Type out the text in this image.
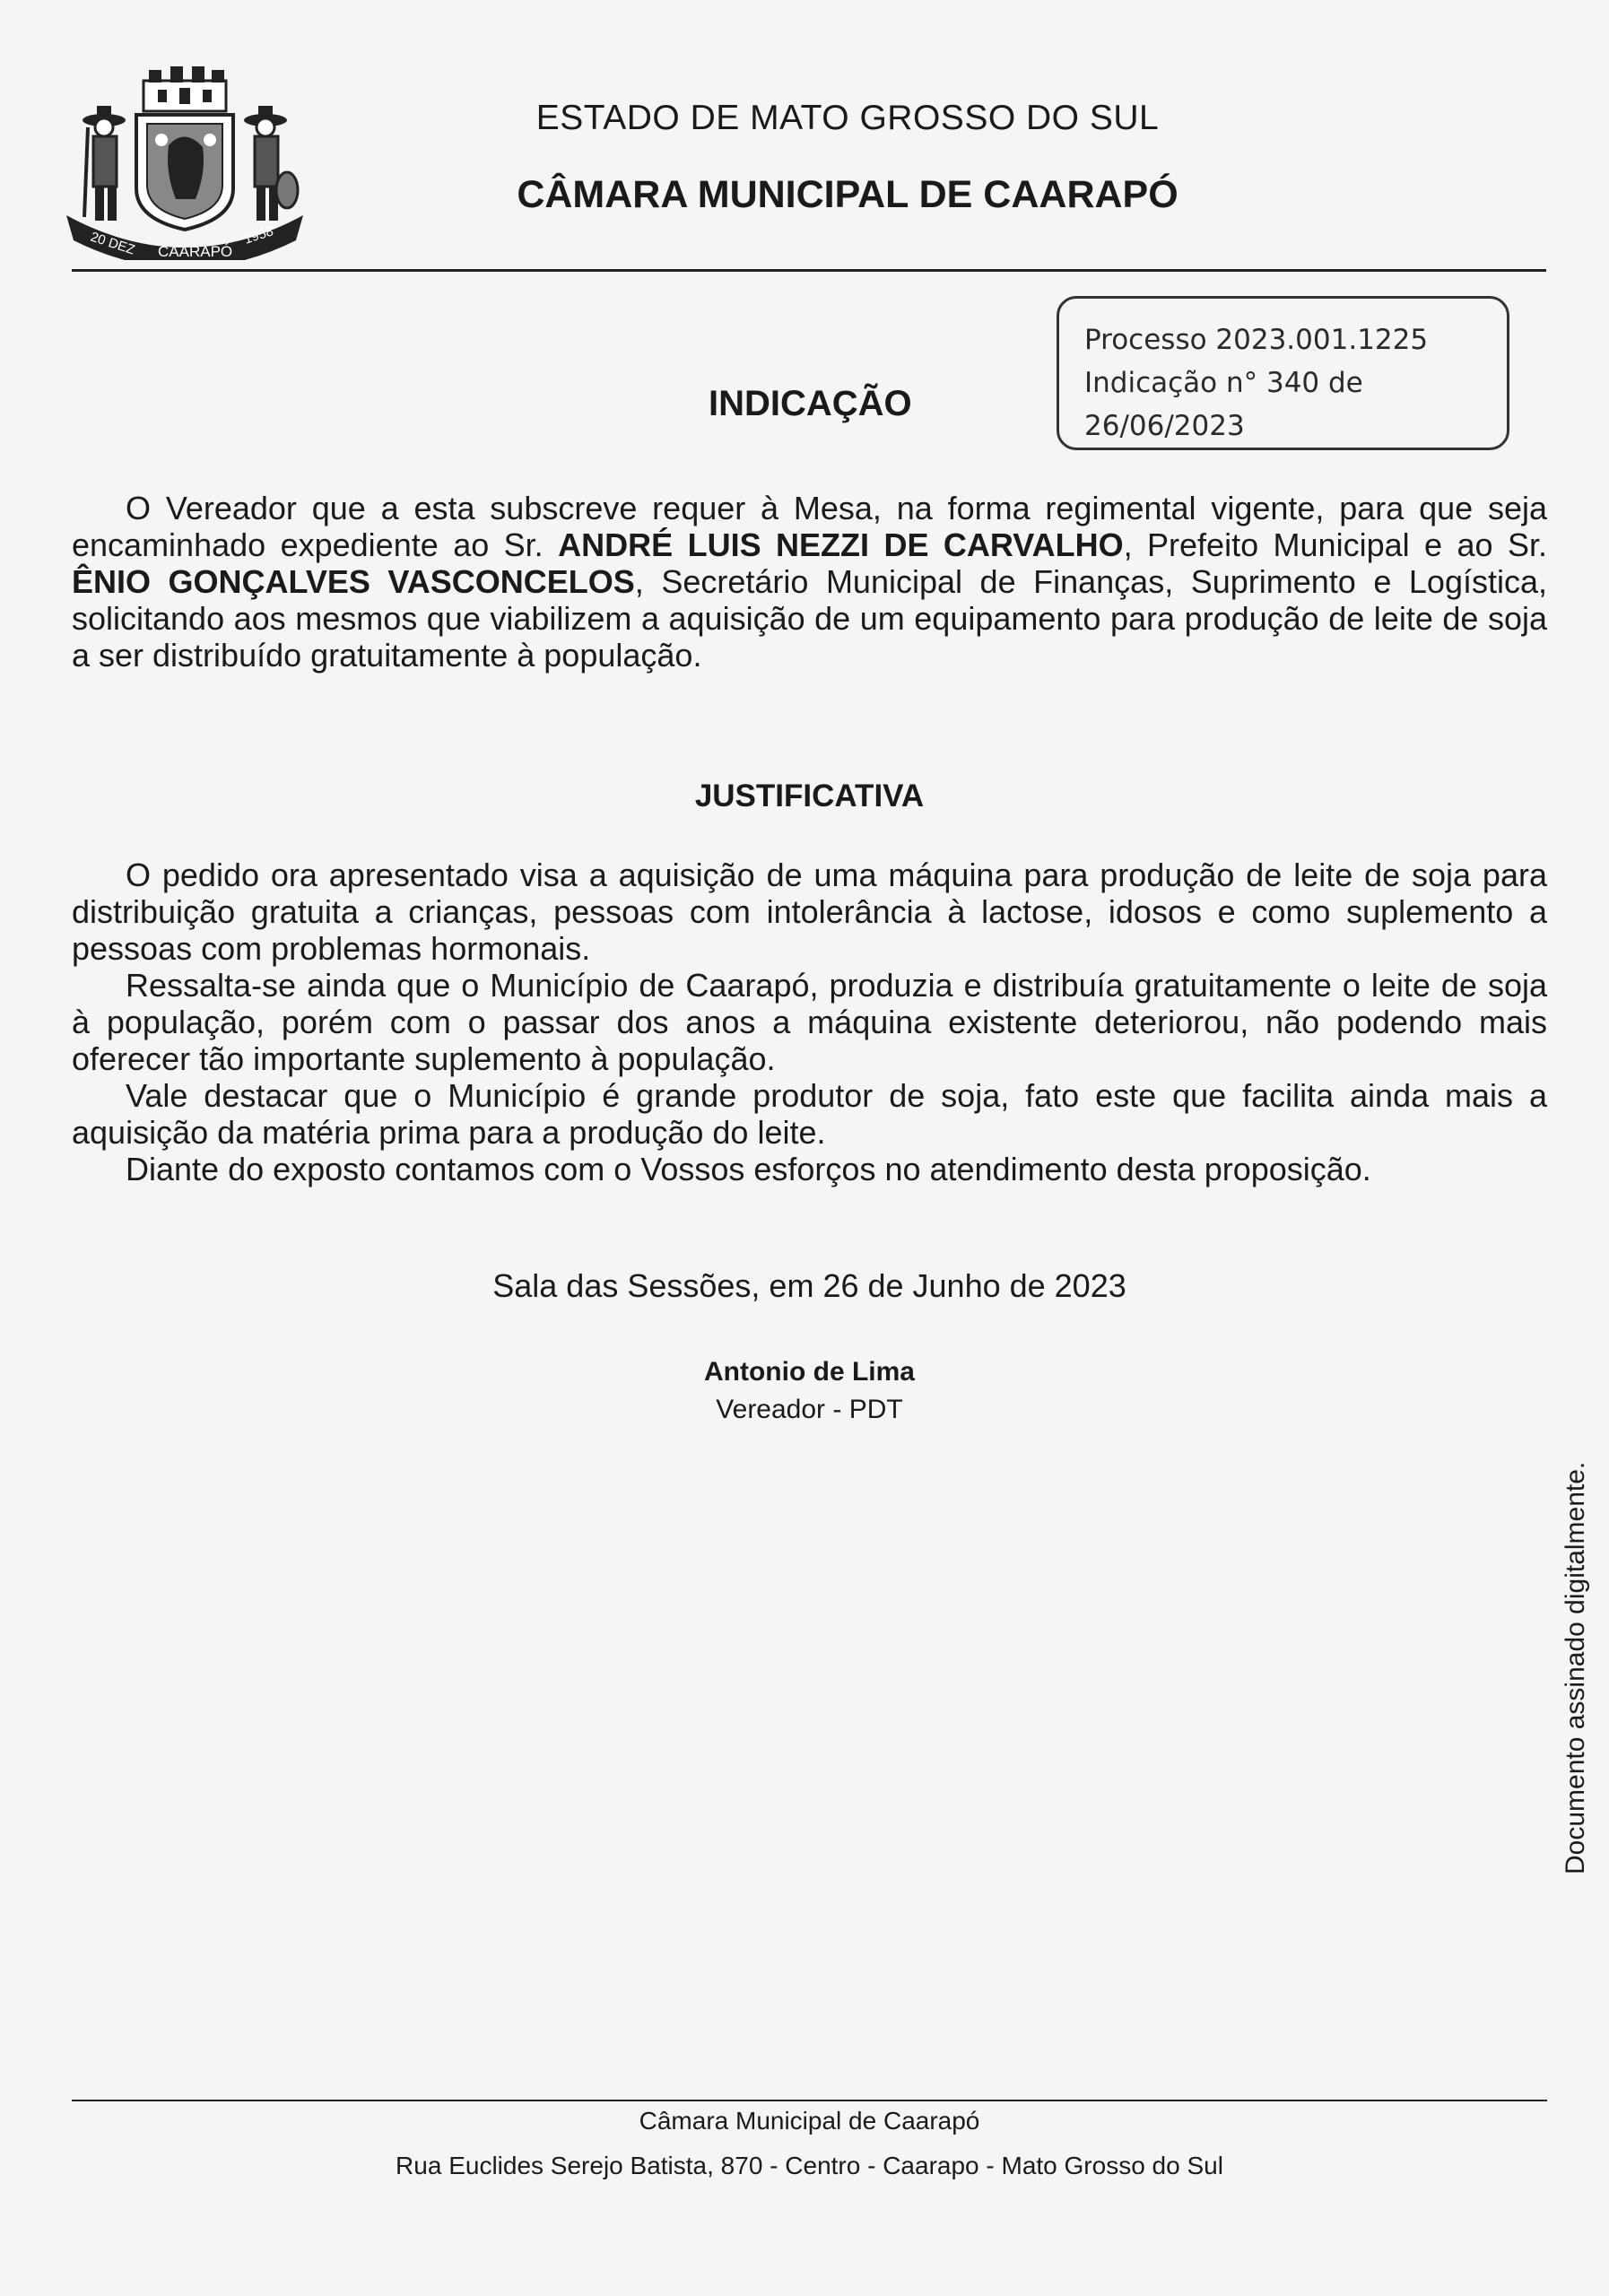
20 DEZ CAARAPÓ
1958
ESTADO DE MATO GROSSO DO SUL
CÂMARA MUNICIPAL DE CAARAPÓ
Processo 2023.001.1225
Indicação n° 340 de
26/06/2023
INDICAÇÃO

O Vereador que a esta subscreve requer à Mesa, na forma regimental vigente, para que seja encaminhado expediente ao Sr. ANDRÉ LUIS NEZZI DE CARVALHO, Prefeito Municipal e ao Sr. ÊNIO GONÇALVES VASCONCELOS, Secretário Municipal de Finanças, Suprimento e Logística, solicitando aos mesmos que viabilizem a aquisição de um equipamento para produção de leite de soja a ser distribuído gratuitamente à população.

JUSTIFICATIVA

O pedido ora apresentado visa a aquisição de uma máquina para produção de leite de soja para distribuição gratuita a crianças, pessoas com intolerância à lactose, idosos e como suplemento a pessoas com problemas hormonais.

Ressalta-se ainda que o Município de Caarapó, produzia e distribuía gratuitamente o leite de soja à população, porém com o passar dos anos a máquina existente deteriorou, não podendo mais oferecer tão importante suplemento à população.

Vale destacar que o Município é grande produtor de soja, fato este que facilita ainda mais a aquisição da matéria prima para a produção do leite.

Diante do exposto contamos com o Vossos esforços no atendimento desta proposição.

Sala das Sessões, em 26 de Junho de 2023
Antonio de Lima
Vereador - PDT
Documento assinado digitalmente.
Câmara Municipal de Caarapó
Rua Euclides Serejo Batista, 870 - Centro - Caarapo - Mato Grosso do Sul
